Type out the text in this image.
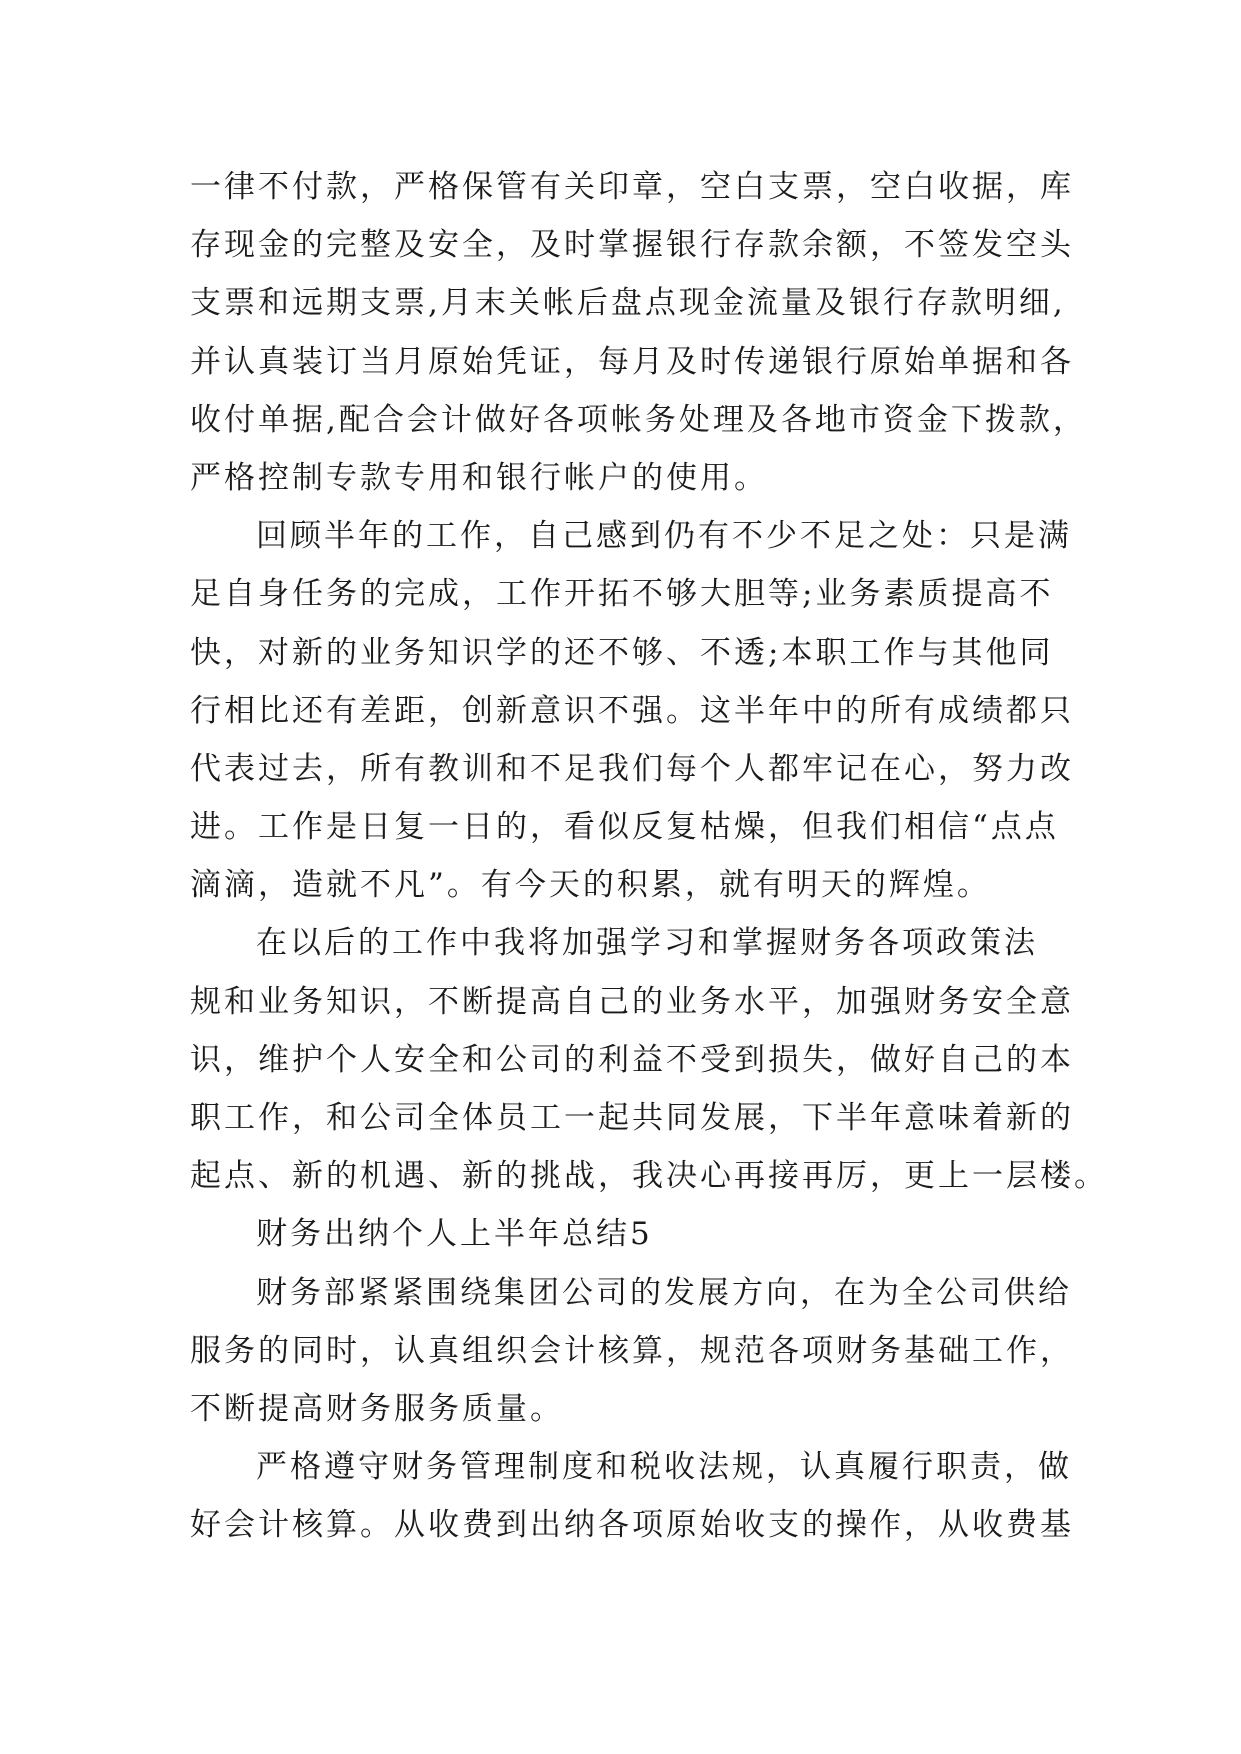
一律不付款，严格保管有关印章，空白支票，空白收据，库
存现金的完整及安全，及时掌握银行存款余额，不签发空头
支票和远期支票,月末关帐后盘点现金流量及银行存款明细,
并认真装订当月原始凭证，每月及时传递银行原始单据和各
收付单据,配合会计做好各项帐务处理及各地市资金下拨款，
严格控制专款专用和银行帐户的使用。
回顾半年的工作，自己感到仍有不少不足之处：只是满
足自身任务的完成，工作开拓不够大胆等;业务素质提高不
快，对新的业务知识学的还不够、不透;本职工作与其他同
行相比还有差距，创新意识不强。这半年中的所有成绩都只
代表过去，所有教训和不足我们每个人都牢记在心，努力改
进。工作是日复一日的，看似反复枯燥，但我们相信“点点
滴滴，造就不凡”。有今天的积累，就有明天的辉煌。
在以后的工作中我将加强学习和掌握财务各项政策法
规和业务知识，不断提高自己的业务水平，加强财务安全意
识，维护个人安全和公司的利益不受到损失，做好自己的本
职工作，和公司全体员工一起共同发展，下半年意味着新的
起点、新的机遇、新的挑战，我决心再接再厉，更上一层楼。
财务出纳个人上半年总结5
财务部紧紧围绕集团公司的发展方向，在为全公司供给
服务的同时，认真组织会计核算，规范各项财务基础工作，
不断提高财务服务质量。
严格遵守财务管理制度和税收法规，认真履行职责，做
好会计核算。从收费到出纳各项原始收支的操作，从收费基
